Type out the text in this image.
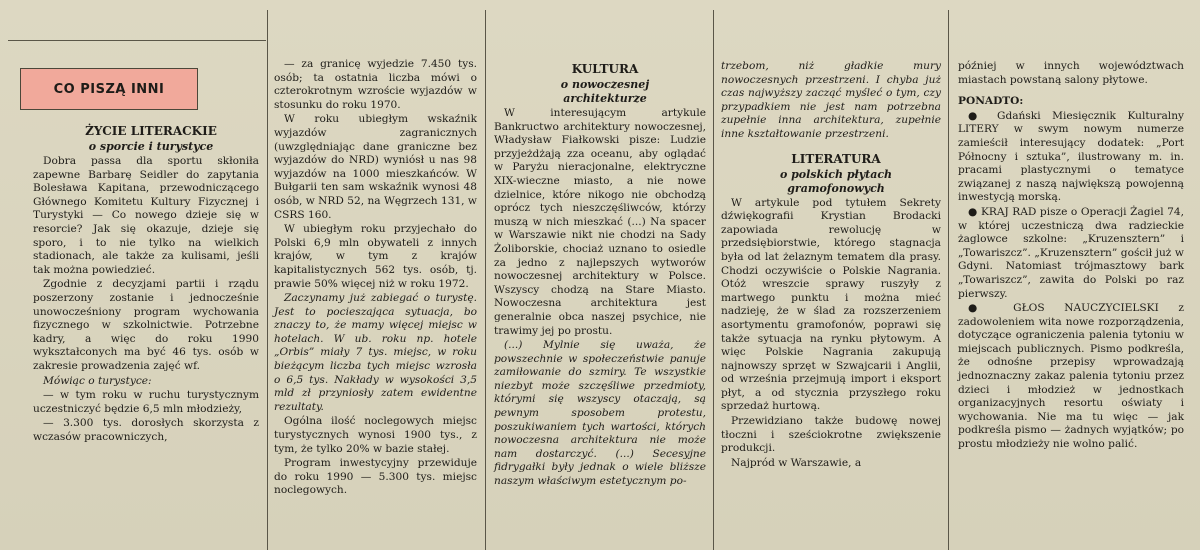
CO PISZĄ INNI

ŻYCIE LITERACKIE

o sporcie i turystyce

Dobra passa dla sportu skłoniła zapewne Barbarę Seidler do zapytania Bolesława Kapitana, przewodniczącego Głównego Komitetu Kultury Fizycznej i Turystyki — Co nowego dzieje się w resorcie? Jak się okazuje, dzieje się sporo, i to nie tylko na wielkich stadionach, ale także za kulisami, jeśli tak można powiedzieć.

Zgodnie z decyzjami partii i rządu poszerzony zostanie i jednocześnie unowocześniony program wychowania fizycznego w szkolnictwie. Potrzebne kadry, a więc do roku 1990 wykształconych ma być 46 tys. osób w zakresie prowadzenia zajęć wf.

Mówiąc o turystyce:

— w tym roku w ruchu turystycznym uczestniczyć będzie 6,5 mln młodzieży,

— 3.300 tys. dorosłych skorzysta z wczasów pracowniczych,

— za granicę wyjedzie 7.450 tys. osób; ta ostatnia liczba mówi o czterokrotnym wzroście wyjazdów w stosunku do roku 1970.

W roku ubiegłym wskaźnik wyjazdów zagranicznych (uwzględniając dane graniczne bez wyjazdów do NRD) wyniósł u nas 98 wyjazdów na 1000 mieszkańców. W Bułgarii ten sam wskaźnik wynosi 48 osób, w NRD 52, na Węgrzech 131, w CSRS 160.

W ubiegłym roku przyjechało do Polski 6,9 mln obywateli z innych krajów, w tym z krajów kapitalistycznych 562 tys. osób, tj. prawie 50% więcej niż w roku 1972.

Zaczynamy już zabiegać o turystę. Jest to pocieszająca sytuacja, bo znaczy to, że mamy więcej miejsc w hotelach. W ub. roku np. hotele „Orbis” miały 7 tys. miejsc, w roku bieżącym liczba tych miejsc wzrosła o 6,5 tys. Nakłady w wysokości 3,5 mld zł przyniosły zatem ewidentne rezultaty.

Ogólna ilość noclegowych miejsc turystycznych wynosi 1900 tys., z tym, że tylko 20% w bazie stałej.

Program inwestycyjny przewiduje do roku 1990 — 5.300 tys. miejsc noclegowych.

KULTURA

o nowoczesnej

architekturze

W interesującym artykule Bankructwo architektury nowoczesnej, Władysław Fiałkowski pisze: Ludzie przyjeżdżają zza oceanu, aby oglądać w Paryżu nieracjonalne, elektryczne XIX-wieczne miasto, a nie nowe dzielnice, które nikogo nie obchodzą oprócz tych nieszczęśliwców, którzy muszą w nich mieszkać (...) Na spacer w Warszawie nikt nie chodzi na Sady Żoliborskie, chociaż uznano to osiedle za jedno z najlepszych wytworów nowoczesnej architektury w Polsce. Wszyscy chodzą na Stare Miasto. Nowoczesna architektura jest generalnie obca naszej psychice, nie trawimy jej po prostu.

(...) Mylnie się uważa, że powszechnie w społeczeństwie panuje zamiłowanie do szmiry. Te wszystkie niezbyt może szczęśliwe przedmioty, którymi się wszyscy otaczają, są pewnym sposobem protestu, poszukiwaniem tych wartości, których nowoczesna architektura nie może nam dostarczyć. (...) Secesyjne fidrygałki były jednak o wiele bliższe naszym właściwym estetycznym po-

trzebom, niż gładkie mury nowoczesnych przestrzeni. I chyba już czas najwyższy zacząć myśleć o tym, czy przypadkiem nie jest nam potrzebna zupełnie inna architektura, zupełnie inne kształtowanie przestrzeni.

LITERATURA

o polskich płytach

gramofonowych

W artykule pod tytułem Sekrety dźwiękografii Krystian Brodacki zapowiada rewolucję w przedsiębiorstwie, którego stagnacja była od lat żelaznym tematem dla prasy. Chodzi oczywiście o Polskie Nagrania. Otóż wreszcie sprawy ruszyły z martwego punktu i można mieć nadzieję, że w ślad za rozszerzeniem asortymentu gramofonów, poprawi się także sytuacja na rynku płytowym. A więc Polskie Nagrania zakupują najnowszy sprzęt w Szwajcarii i Anglii, od września przejmują import i eksport płyt, a od stycznia przyszłego roku sprzedaż hurtową.

Przewidziano także budowę nowej tłoczni i sześciokrotne zwiększenie produkcji.

Najpród w Warszawie, a

później w innych województwach miastach powstaną salony płytowe.

PONADTO:

● Gdański Miesięcznik Kulturalny LITERY w swym nowym numerze zamieścił interesujący dodatek: „Port Północny i sztuka”, ilustrowany m. in. pracami plastycznymi o tematyce związanej z naszą największą powojenną inwestycją morską.

● KRAJ RAD pisze o Operacji Żagiel 74, w której uczestniczą dwa radzieckie żaglowce szkolne: „Kruzensztern” i „Towariszcz”. „Kruzensztern” gościł już w Gdyni. Natomiast trójmasztowy bark „Towariszcz”, zawita do Polski po raz pierwszy.

● GŁOS NAUCZYCIELSKI z zadowoleniem wita nowe rozporządzenia, dotyczące ograniczenia palenia tytoniu w miejscach publicznych. Pismo podkreśla, że odnośne przepisy wprowadzają jednoznaczny zakaz palenia tytoniu przez dzieci i młodzież w jednostkach organizacyjnych resortu oświaty i wychowania. Nie ma tu więc — jak podkreśla pismo — żadnych wyjątków; po prostu młodzieży nie wolno palić.
